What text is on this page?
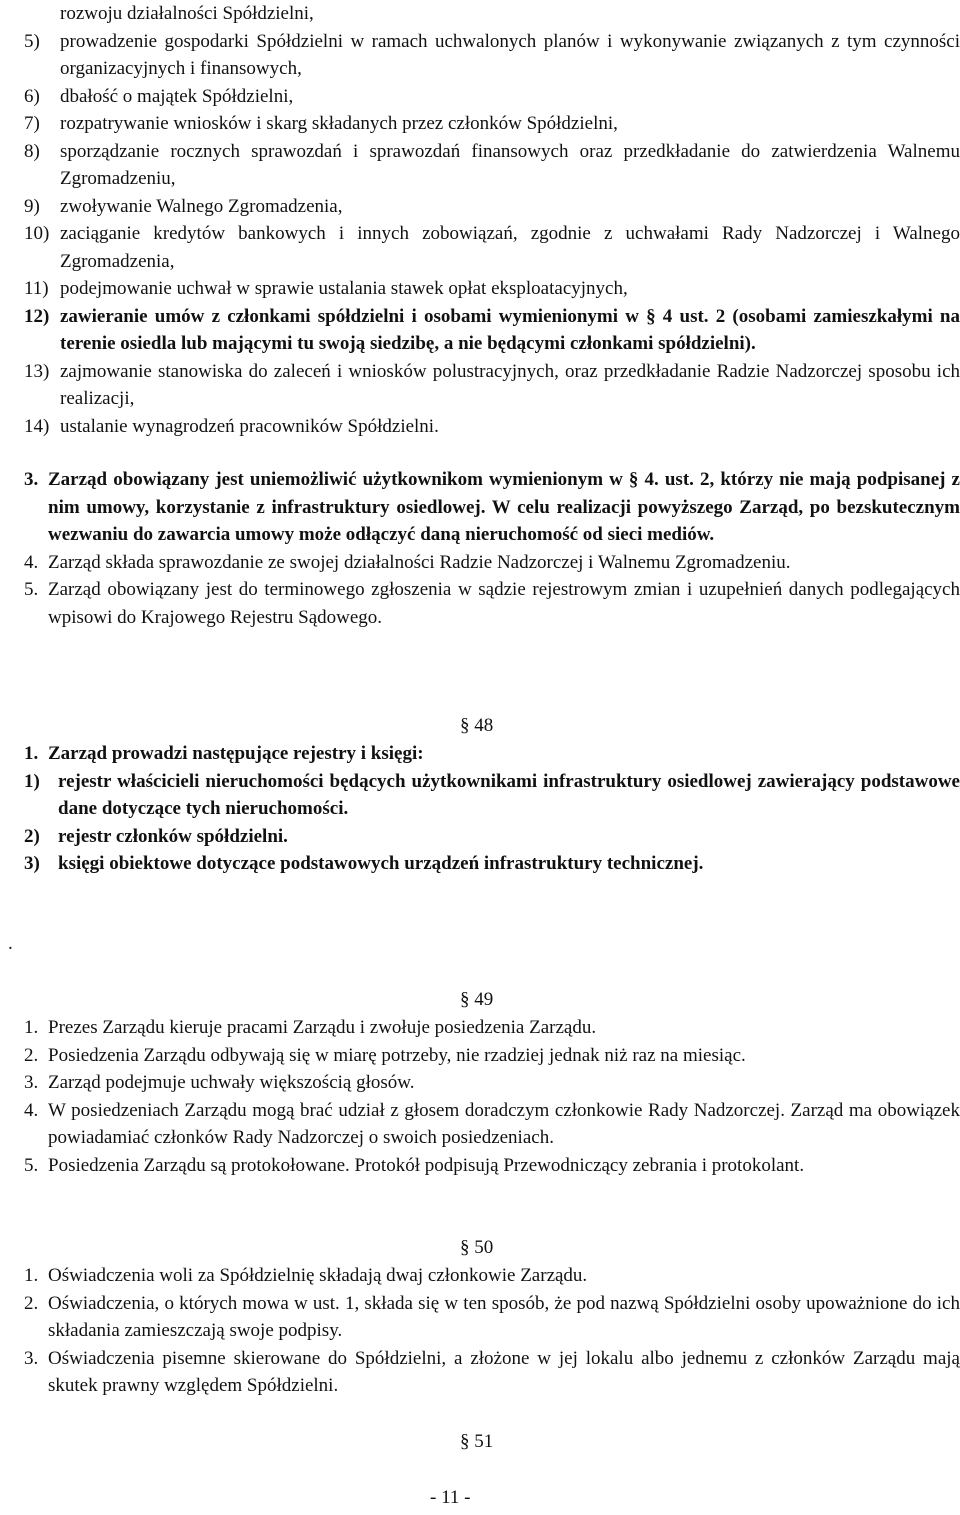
rozwoju działalności Spółdzielni,
5)	prowadzenie gospodarki Spółdzielni w ramach uchwalonych planów i wykonywanie związanych z tym czynności organizacyjnych i finansowych,
6)	dbałość o majątek Spółdzielni,
7)	rozpatrywanie wniosków i skarg składanych przez członków Spółdzielni,
8)	sporządzanie rocznych sprawozdań i sprawozdań finansowych oraz przedkładanie do zatwierdzenia Walnemu Zgromadzeniu,
9)	zwoływanie Walnego Zgromadzenia,
10) zaciąganie kredytów bankowych i innych zobowiązań, zgodnie z uchwałami Rady Nadzorczej i Walnego Zgromadzenia,
11) podejmowanie uchwał w sprawie ustalania stawek opłat eksploatacyjnych,
12) zawieranie umów z członkami spółdzielni i osobami wymienionymi w § 4 ust. 2 (osobami zamieszkałymi na terenie osiedla lub mającymi tu swoją siedzibę, a nie będącymi członkami spółdzielni).
13) zajmowanie stanowiska do zaleceń i wniosków polustracyjnych, oraz przedkładanie Radzie Nadzorczej sposobu ich realizacji,
14) ustalanie wynagrodzeń pracowników Spółdzielni.
3. Zarząd obowiązany jest uniemożliwić użytkownikom wymienionym w § 4. ust. 2, którzy nie mają podpisanej z nim umowy, korzystanie z infrastruktury osiedlowej. W celu realizacji powyższego Zarząd, po bezskutecznym wezwaniu do zawarcia umowy może odłączyć daną nieruchomość od sieci mediów.
4. Zarząd składa sprawozdanie ze swojej działalności Radzie Nadzorczej i Walnemu Zgromadzeniu.
5. Zarząd obowiązany jest do terminowego zgłoszenia w sądzie rejestrowym zmian i uzupełnień danych podlegających wpisowi do Krajowego Rejestru Sądowego.
§ 48
1. Zarząd prowadzi następujące rejestry i księgi:
1) rejestr właścicieli nieruchomości będących użytkownikami infrastruktury osiedlowej zawierający podstawowe dane dotyczące tych nieruchomości.
2) rejestr członków spółdzielni.
3) księgi obiektowe dotyczące podstawowych urządzeń infrastruktury technicznej.
.
§ 49
1. Prezes Zarządu kieruje pracami Zarządu i zwołuje posiedzenia Zarządu.
2. Posiedzenia Zarządu odbywają się w miarę potrzeby, nie rzadziej jednak niż raz na miesiąc.
3. Zarząd podejmuje uchwały większością głosów.
4. W posiedzeniach Zarządu mogą brać udział z głosem doradczym członkowie Rady Nadzorczej. Zarząd ma obowiązek powiadamiać członków Rady Nadzorczej o swoich posiedzeniach.
5. Posiedzenia Zarządu są protokołowane. Protokół podpisują Przewodniczący zebrania i protokolant.
§ 50
1. Oświadczenia woli za Spółdzielnię składają dwaj członkowie Zarządu.
2. Oświadczenia, o których mowa w ust. 1, składa się w ten sposób, że pod nazwą Spółdzielni osoby upoważnione do ich składania zamieszczają swoje podpisy.
3. Oświadczenia pisemne skierowane do Spółdzielni, a złożone w jej lokalu albo jednemu z członków Zarządu mają skutek prawny względem Spółdzielni.
§ 51
- 11 -
